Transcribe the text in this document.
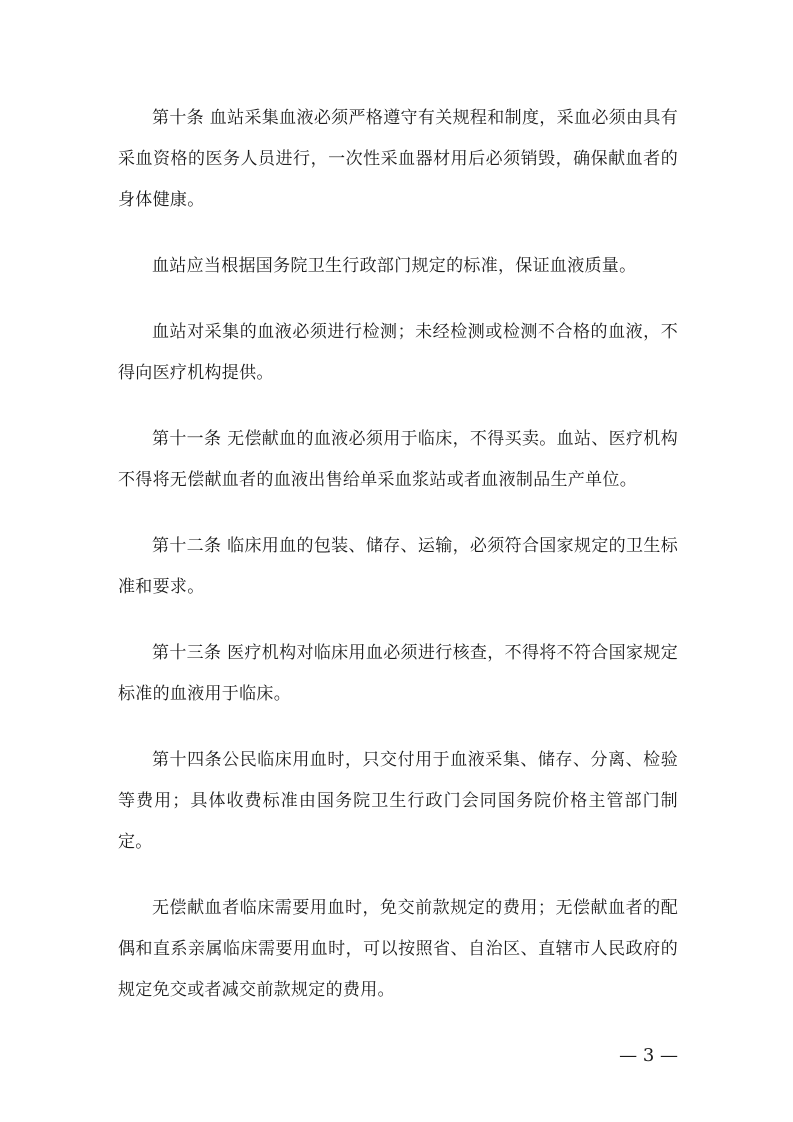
第十条 血站采集血液必须严格遵守有关规程和制度，采血必须由具有采血资格的医务人员进行，一次性采血器材用后必须销毁，确保献血者的身体健康。

血站应当根据国务院卫生行政部门规定的标准，保证血液质量。

血站对采集的血液必须进行检测；未经检测或检测不合格的血液，不得向医疗机构提供。

第十一条 无偿献血的血液必须用于临床，不得买卖。血站、医疗机构不得将无偿献血者的血液出售给单采血浆站或者血液制品生产单位。

第十二条 临床用血的包装、储存、运输，必须符合国家规定的卫生标准和要求。

第十三条 医疗机构对临床用血必须进行核查，不得将不符合国家规定标准的血液用于临床。

第十四条公民临床用血时，只交付用于血液采集、储存、分离、检验等费用；具体收费标准由国务院卫生行政门会同国务院价格主管部门制定。

无偿献血者临床需要用血时，免交前款规定的费用；无偿献血者的配偶和直系亲属临床需要用血时，可以按照省、自治区、直辖市人民政府的规定免交或者减交前款规定的费用。

— 3 —
